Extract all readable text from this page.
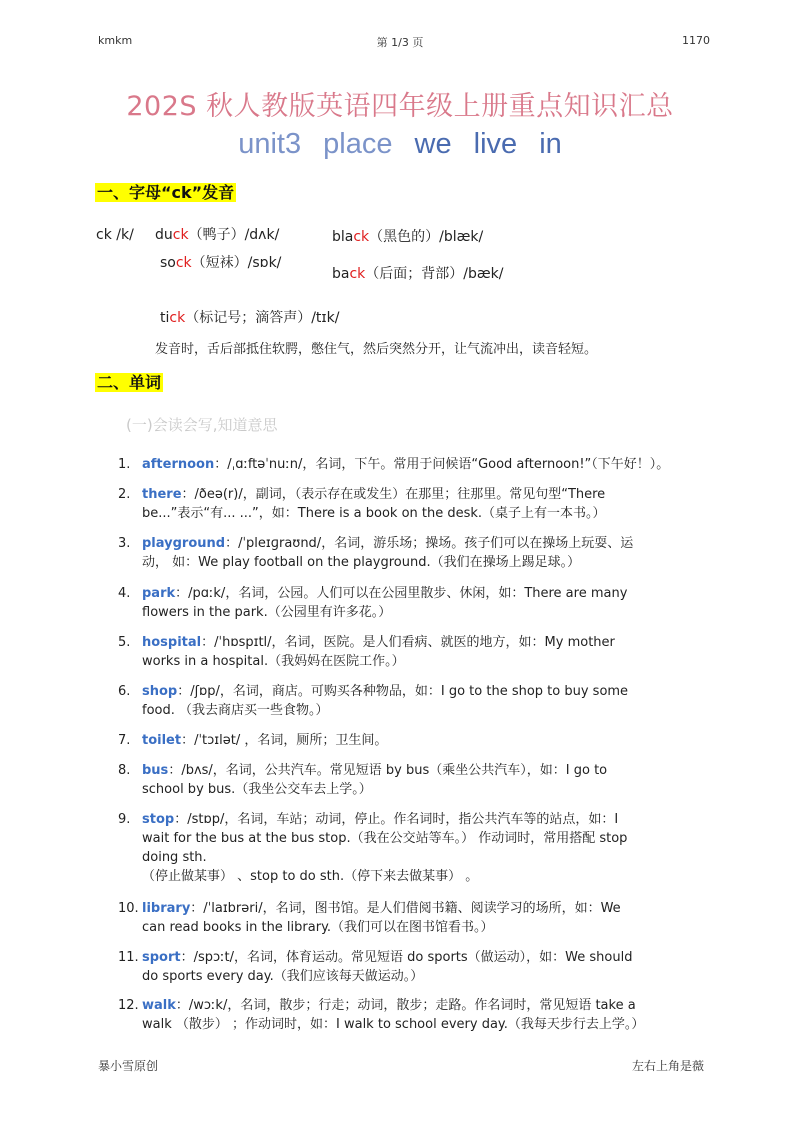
kmkm	第 1/3 页	1170
202S 秋人教版英语四年级上册重点知识汇总
unit3 place we live in
一、字母“ck”发音
ck /k/ duck（鸭子）/dʌk/	black（黑色的）/blæk/
sock（短袜）/sɒk/
back（后面；背部）/bæk/
tick（标记号；滴答声）/tɪk/
发音时，舌后部抵住软腭，憋住气，然后突然分开，让气流冲出，读音轻短。
二、单词
(一)会读会写,知道意思
1. afternoon：/ˌɑːftəˈnuːn/，名词，下午。常用于问候语“Good afternoon!”（下午好！）。
2. there：/ðeə(r)/，副词，（表示存在或发生）在那里；往那里。常见句型“There
be...”表示“有... ...”，如：There is a book on the desk.（桌子上有一本书。）
3. playground：/ˈpleɪɡraʊnd/，名词，游乐场；操场。孩子们可以在操场上玩耍、运
动， 如：We play football on the playground.（我们在操场上踢足球。）
4. park：/pɑːk/，名词，公园。人们可以在公园里散步、休闲，如：There are many
flowers in the park.（公园里有许多花。）
5. hospital：/ˈhɒspɪtl/，名词，医院。是人们看病、就医的地方，如：My mother
works in a hospital.（我妈妈在医院工作。）
6. shop：/ʃɒp/，名词，商店。可购买各种物品，如：I go to the shop to buy some
food. （我去商店买一些食物。）
7. toilet：/ˈtɔɪlət/ ，名词，厕所；卫生间。
8. bus：/bʌs/，名词，公共汽车。常见短语 by bus（乘坐公共汽车），如：I go to
school by bus.（我坐公交车去上学。）
9. stop：/stɒp/，名词，车站；动词，停止。作名词时，指公共汽车等的站点，如：I
wait for the bus at the bus stop.（我在公交站等车。） 作动词时，常用搭配 stop
doing sth.
（停止做某事） 、stop to do sth.（停下来去做某事） 。
10. library：/ˈlaɪbrəri/，名词，图书馆。是人们借阅书籍、阅读学习的场所，如：We
can read books in the library.（我们可以在图书馆看书。）
11. sport：/spɔːt/，名词，体育运动。常见短语 do sports（做运动），如：We should
do sports every day.（我们应该每天做运动。）
12. walk：/wɔːk/，名词，散步；行走；动词，散步；走路。作名词时，常见短语 take a
walk （散步） ；作动词时，如：I walk to school every day.（我每天步行去上学。）
暴小雪原创	左右上角是薇
